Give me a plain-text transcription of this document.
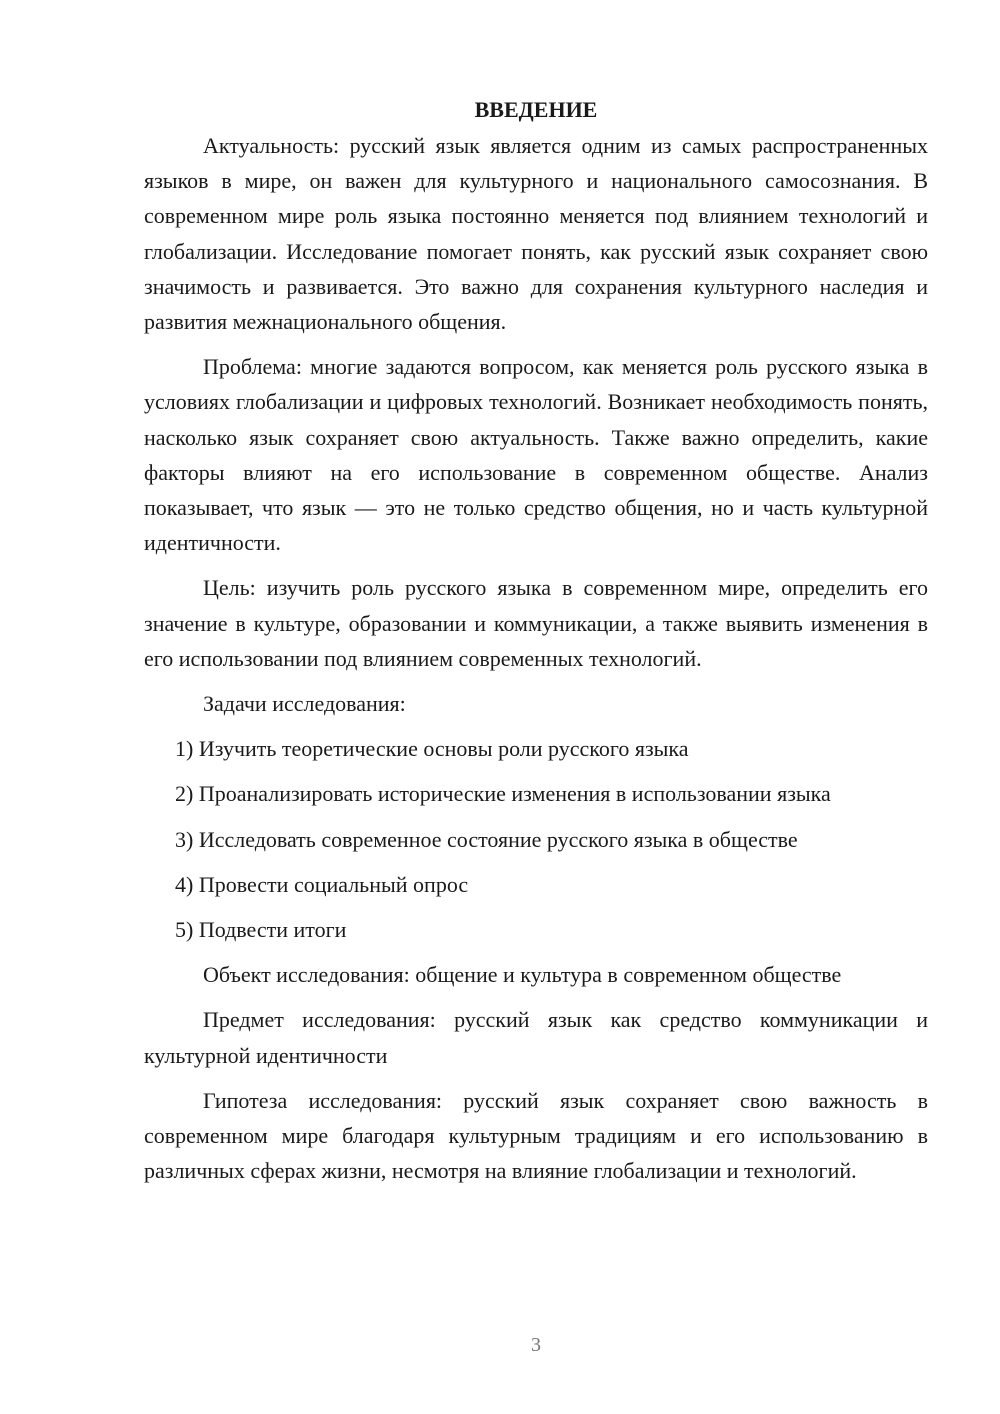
ВВЕДЕНИЕ

Актуальность: русский язык является одним из самых распространенных языков в мире, он важен для культурного и национального самосознания. В современном мире роль языка постоянно меняется под влиянием технологий и глобализации. Исследование помогает понять, как русский язык сохраняет свою значимость и развивается. Это важно для сохранения культурного наследия и развития межнационального общения.

Проблема: многие задаются вопросом, как меняется роль русского языка в условиях глобализации и цифровых технологий. Возникает необходимость понять, насколько язык сохраняет свою актуальность. Также важно определить, какие факторы влияют на его использование в современном обществе. Анализ показывает, что язык — это не только средство общения, но и часть культурной идентичности.

Цель: изучить роль русского языка в современном мире, определить его значение в культуре, образовании и коммуникации, а также выявить изменения в его использовании под влиянием современных технологий.

Задачи исследования:

1) Изучить теоретические основы роли русского языка
2) Проанализировать исторические изменения в использовании языка
3) Исследовать современное состояние русского языка в обществе
4) Провести социальный опрос
5) Подвести итоги

Объект исследования: общение и культура в современном обществе

Предмет исследования: русский язык как средство коммуникации и культурной идентичности

Гипотеза исследования: русский язык сохраняет свою важность в современном мире благодаря культурным традициям и его использованию в различных сферах жизни, несмотря на влияние глобализации и технологий.

3
